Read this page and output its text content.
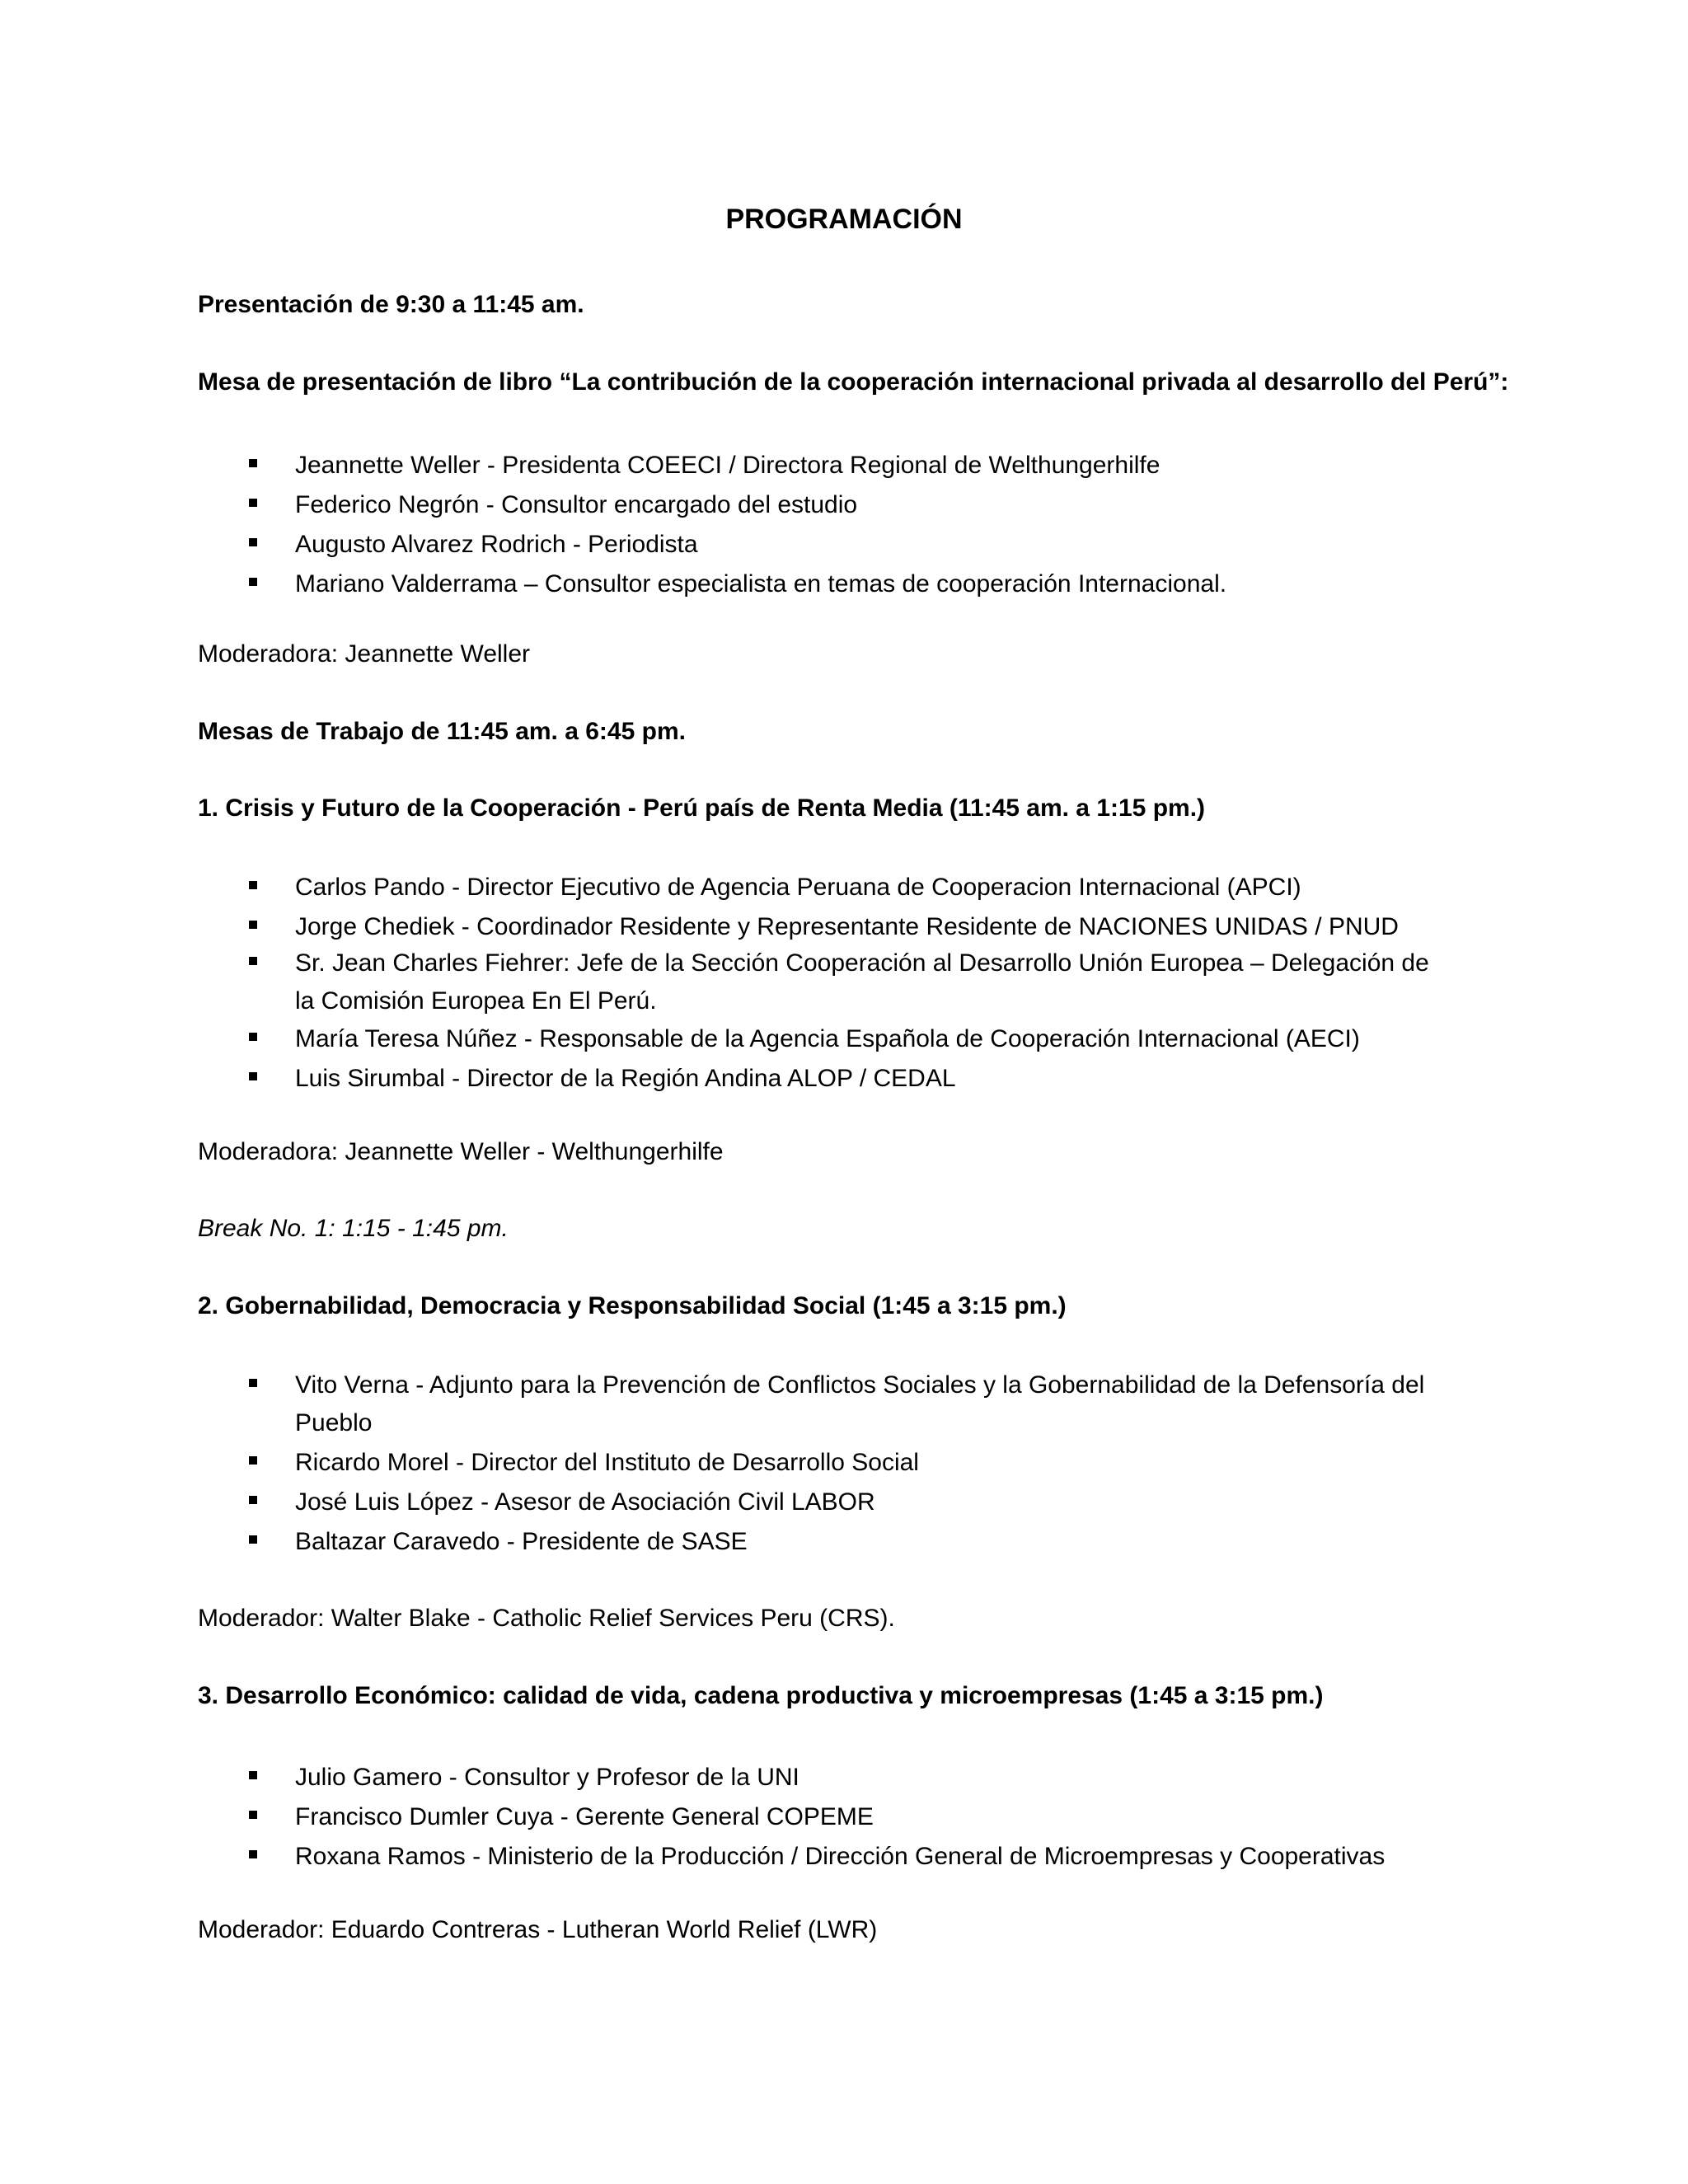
PROGRAMACIÓN
Presentación de 9:30 a 11:45 am.
Mesa de presentación de libro “La contribución de la cooperación internacional privada al desarrollo del Perú”:
Jeannette Weller - Presidenta COEECI / Directora Regional de Welthungerhilfe
Federico Negrón - Consultor encargado del estudio
Augusto Alvarez Rodrich - Periodista
Mariano Valderrama – Consultor especialista en temas de cooperación Internacional.
Moderadora: Jeannette Weller
Mesas de Trabajo de 11:45 am. a 6:45 pm.
1. Crisis y Futuro de la Cooperación - Perú país de Renta Media (11:45 am. a 1:15 pm.)
Carlos Pando - Director Ejecutivo de Agencia Peruana de Cooperacion Internacional (APCI)
Jorge Chediek - Coordinador Residente y Representante Residente de NACIONES UNIDAS / PNUD
Sr. Jean Charles Fiehrer: Jefe de la Sección Cooperación al Desarrollo Unión Europea – Delegación de la Comisión Europea En El Perú.
María Teresa Núñez - Responsable de la Agencia Española de Cooperación Internacional (AECI)
Luis Sirumbal - Director de la Región Andina ALOP / CEDAL
Moderadora: Jeannette Weller - Welthungerhilfe
Break No. 1: 1:15 - 1:45 pm.
2. Gobernabilidad, Democracia y Responsabilidad Social (1:45 a 3:15 pm.)
Vito Verna - Adjunto para la Prevención de Conflictos Sociales y la Gobernabilidad de la Defensoría del Pueblo
Ricardo Morel - Director del Instituto de Desarrollo Social
José Luis López - Asesor de Asociación Civil LABOR
Baltazar Caravedo - Presidente de SASE
Moderador: Walter Blake - Catholic Relief Services Peru (CRS).
3. Desarrollo Económico: calidad de vida, cadena productiva y microempresas (1:45 a 3:15 pm.)
Julio Gamero - Consultor y Profesor de la UNI
Francisco Dumler Cuya - Gerente General COPEME
Roxana Ramos - Ministerio de la Producción / Dirección General de Microempresas y Cooperativas
Moderador: Eduardo Contreras - Lutheran World Relief (LWR)
